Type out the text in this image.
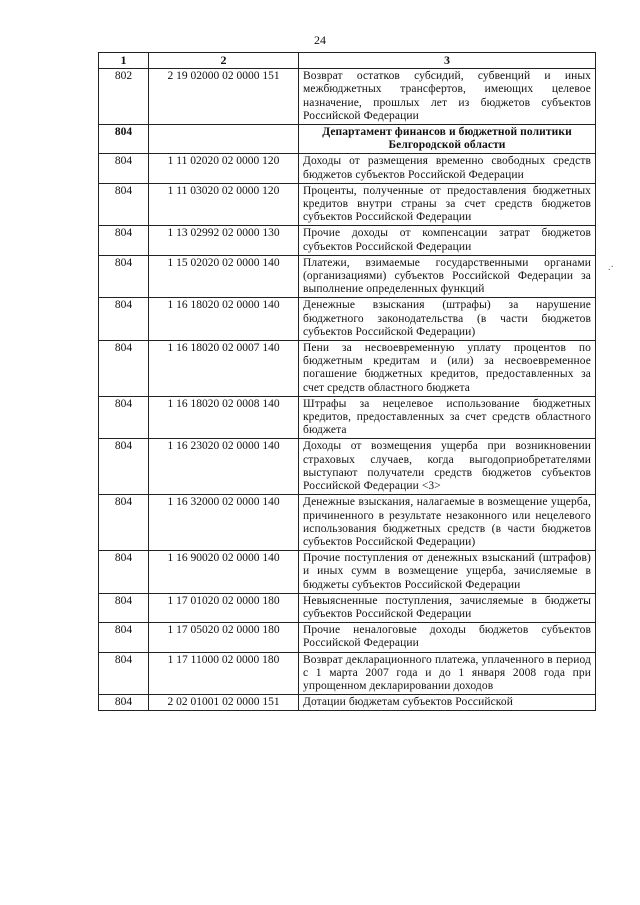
24
1	2	3
802	2 19 02000 02 0000 151	Возврат остатков субсидий, субвенций и иных межбюджетных трансфертов, имеющих целевое назначение, прошлых лет из бюджетов субъектов Российской Федерации
804		Департамент финансов и бюджетной политики Белгородской области
804	1 11 02020 02 0000 120	Доходы от размещения временно свободных средств бюджетов субъектов Российской Федерации
804	1 11 03020 02 0000 120	Проценты, полученные от предоставления бюджетных кредитов внутри страны за счет средств бюджетов субъектов Российской Федерации
804	1 13 02992 02 0000 130	Прочие доходы от компенсации затрат бюджетов субъектов Российской Федерации
804	1 15 02020 02 0000 140	Платежи, взимаемые государственными органами (организациями) субъектов Российской Федерации за выполнение определенных функций
804	1 16 18020 02 0000 140	Денежные взыскания (штрафы) за нарушение бюджетного законодательства (в части бюджетов субъектов Российской Федерации)
804	1 16 18020 02 0007 140	Пени за несвоевременную уплату процентов по бюджетным кредитам и (или) за несвоевременное погашение бюджетных кредитов, предоставленных за счет средств областного бюджета
804	1 16 18020 02 0008 140	Штрафы за нецелевое использование бюджетных кредитов, предоставленных за счет средств областного бюджета
804	1 16 23020 02 0000 140	Доходы от возмещения ущерба при возникновении страховых случаев, когда выгодоприобретателями выступают получатели средств бюджетов субъектов Российской Федерации <3>
804	1 16 32000 02 0000 140	Денежные взыскания, налагаемые в возмещение ущерба, причиненного в результате незаконного или нецелевого использования бюджетных средств (в части бюджетов субъектов Российской Федерации)
804	1 16 90020 02 0000 140	Прочие поступления от денежных взысканий (штрафов) и иных сумм в возмещение ущерба, зачисляемые в бюджеты субъектов Российской Федерации
804	1 17 01020 02 0000 180	Невыясненные поступления, зачисляемые в бюджеты субъектов Российской Федерации
804	1 17 05020 02 0000 180	Прочие неналоговые доходы бюджетов субъектов Российской Федерации
804	1 17 11000 02 0000 180	Возврат декларационного платежа, уплаченного в период с 1 марта 2007 года и до 1 января 2008 года при упрощенном декларировании доходов
804	2 02 01001 02 0000 151	Дотации бюджетам субъектов Российской
.·
